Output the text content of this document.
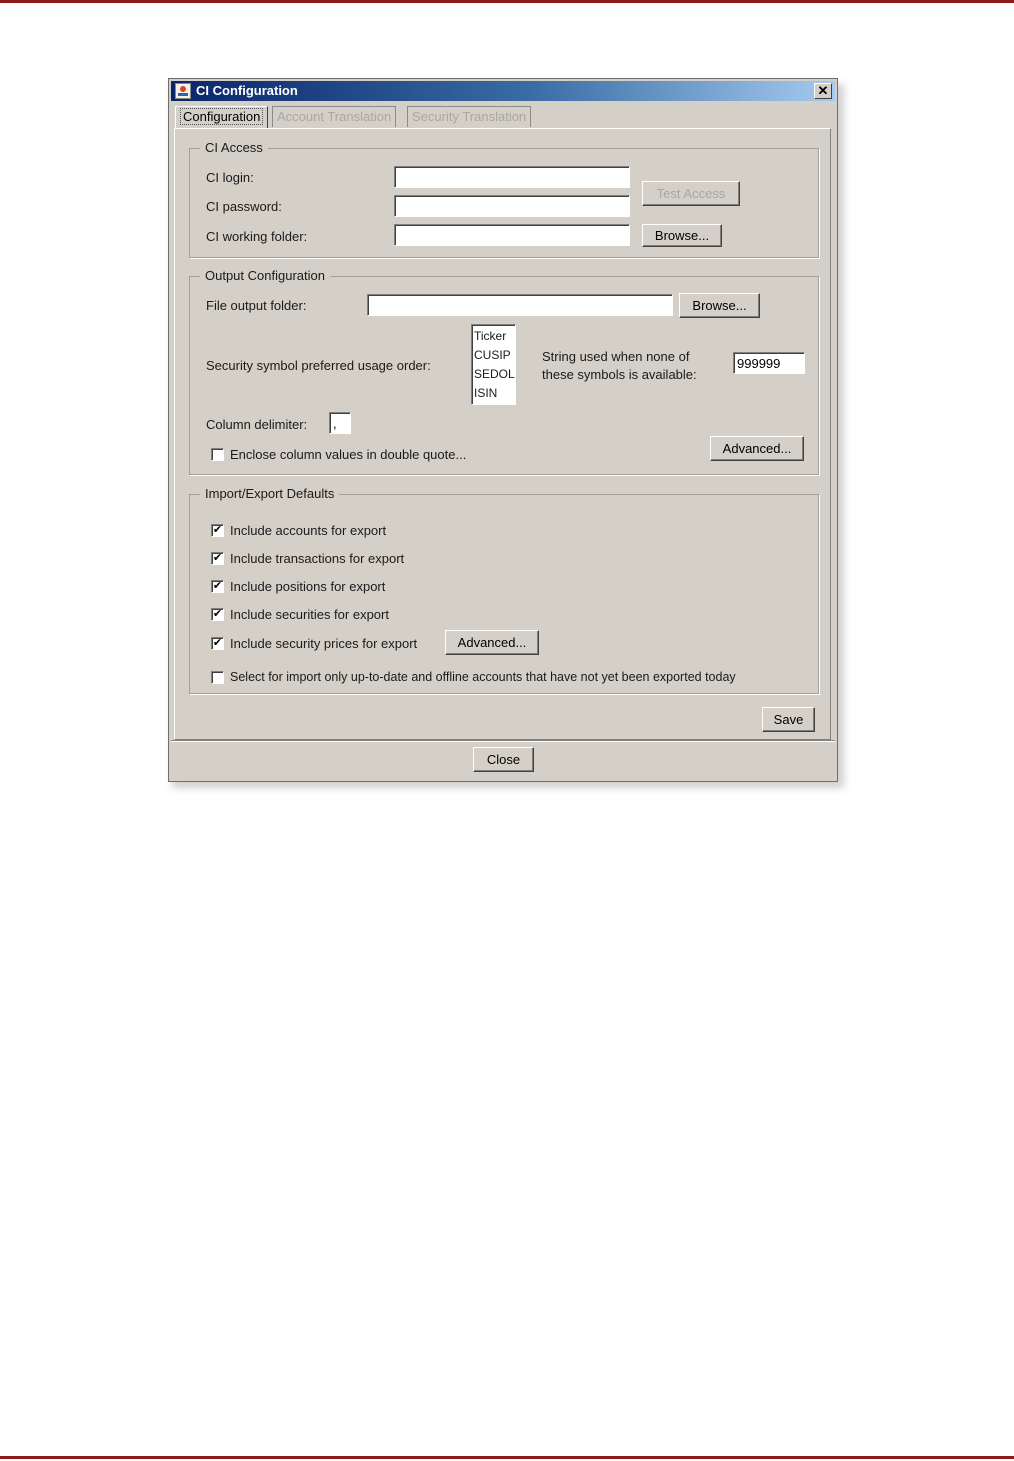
CI Configuration	✕
Configuration	Account Translation	Security Translation
CI Access
CI login:
CI password:
CI working folder:
Test Access
Browse...
Output Configuration
File output folder:	Browse...
Security symbol preferred usage order:
Ticker
CUSIP
SEDOL
ISIN
String used when none of
these symbols is available:
999999
Column delimiter:
,
Enclose column values in double quote...	Advanced...
Import/Export Defaults
✔ Include accounts for export
✔ Include transactions for export
✔ Include positions for export
✔ Include securities for export
✔ Include security prices for export	Advanced...
Select for import only up-to-date and offline accounts that have not yet been exported today
Save
Close
